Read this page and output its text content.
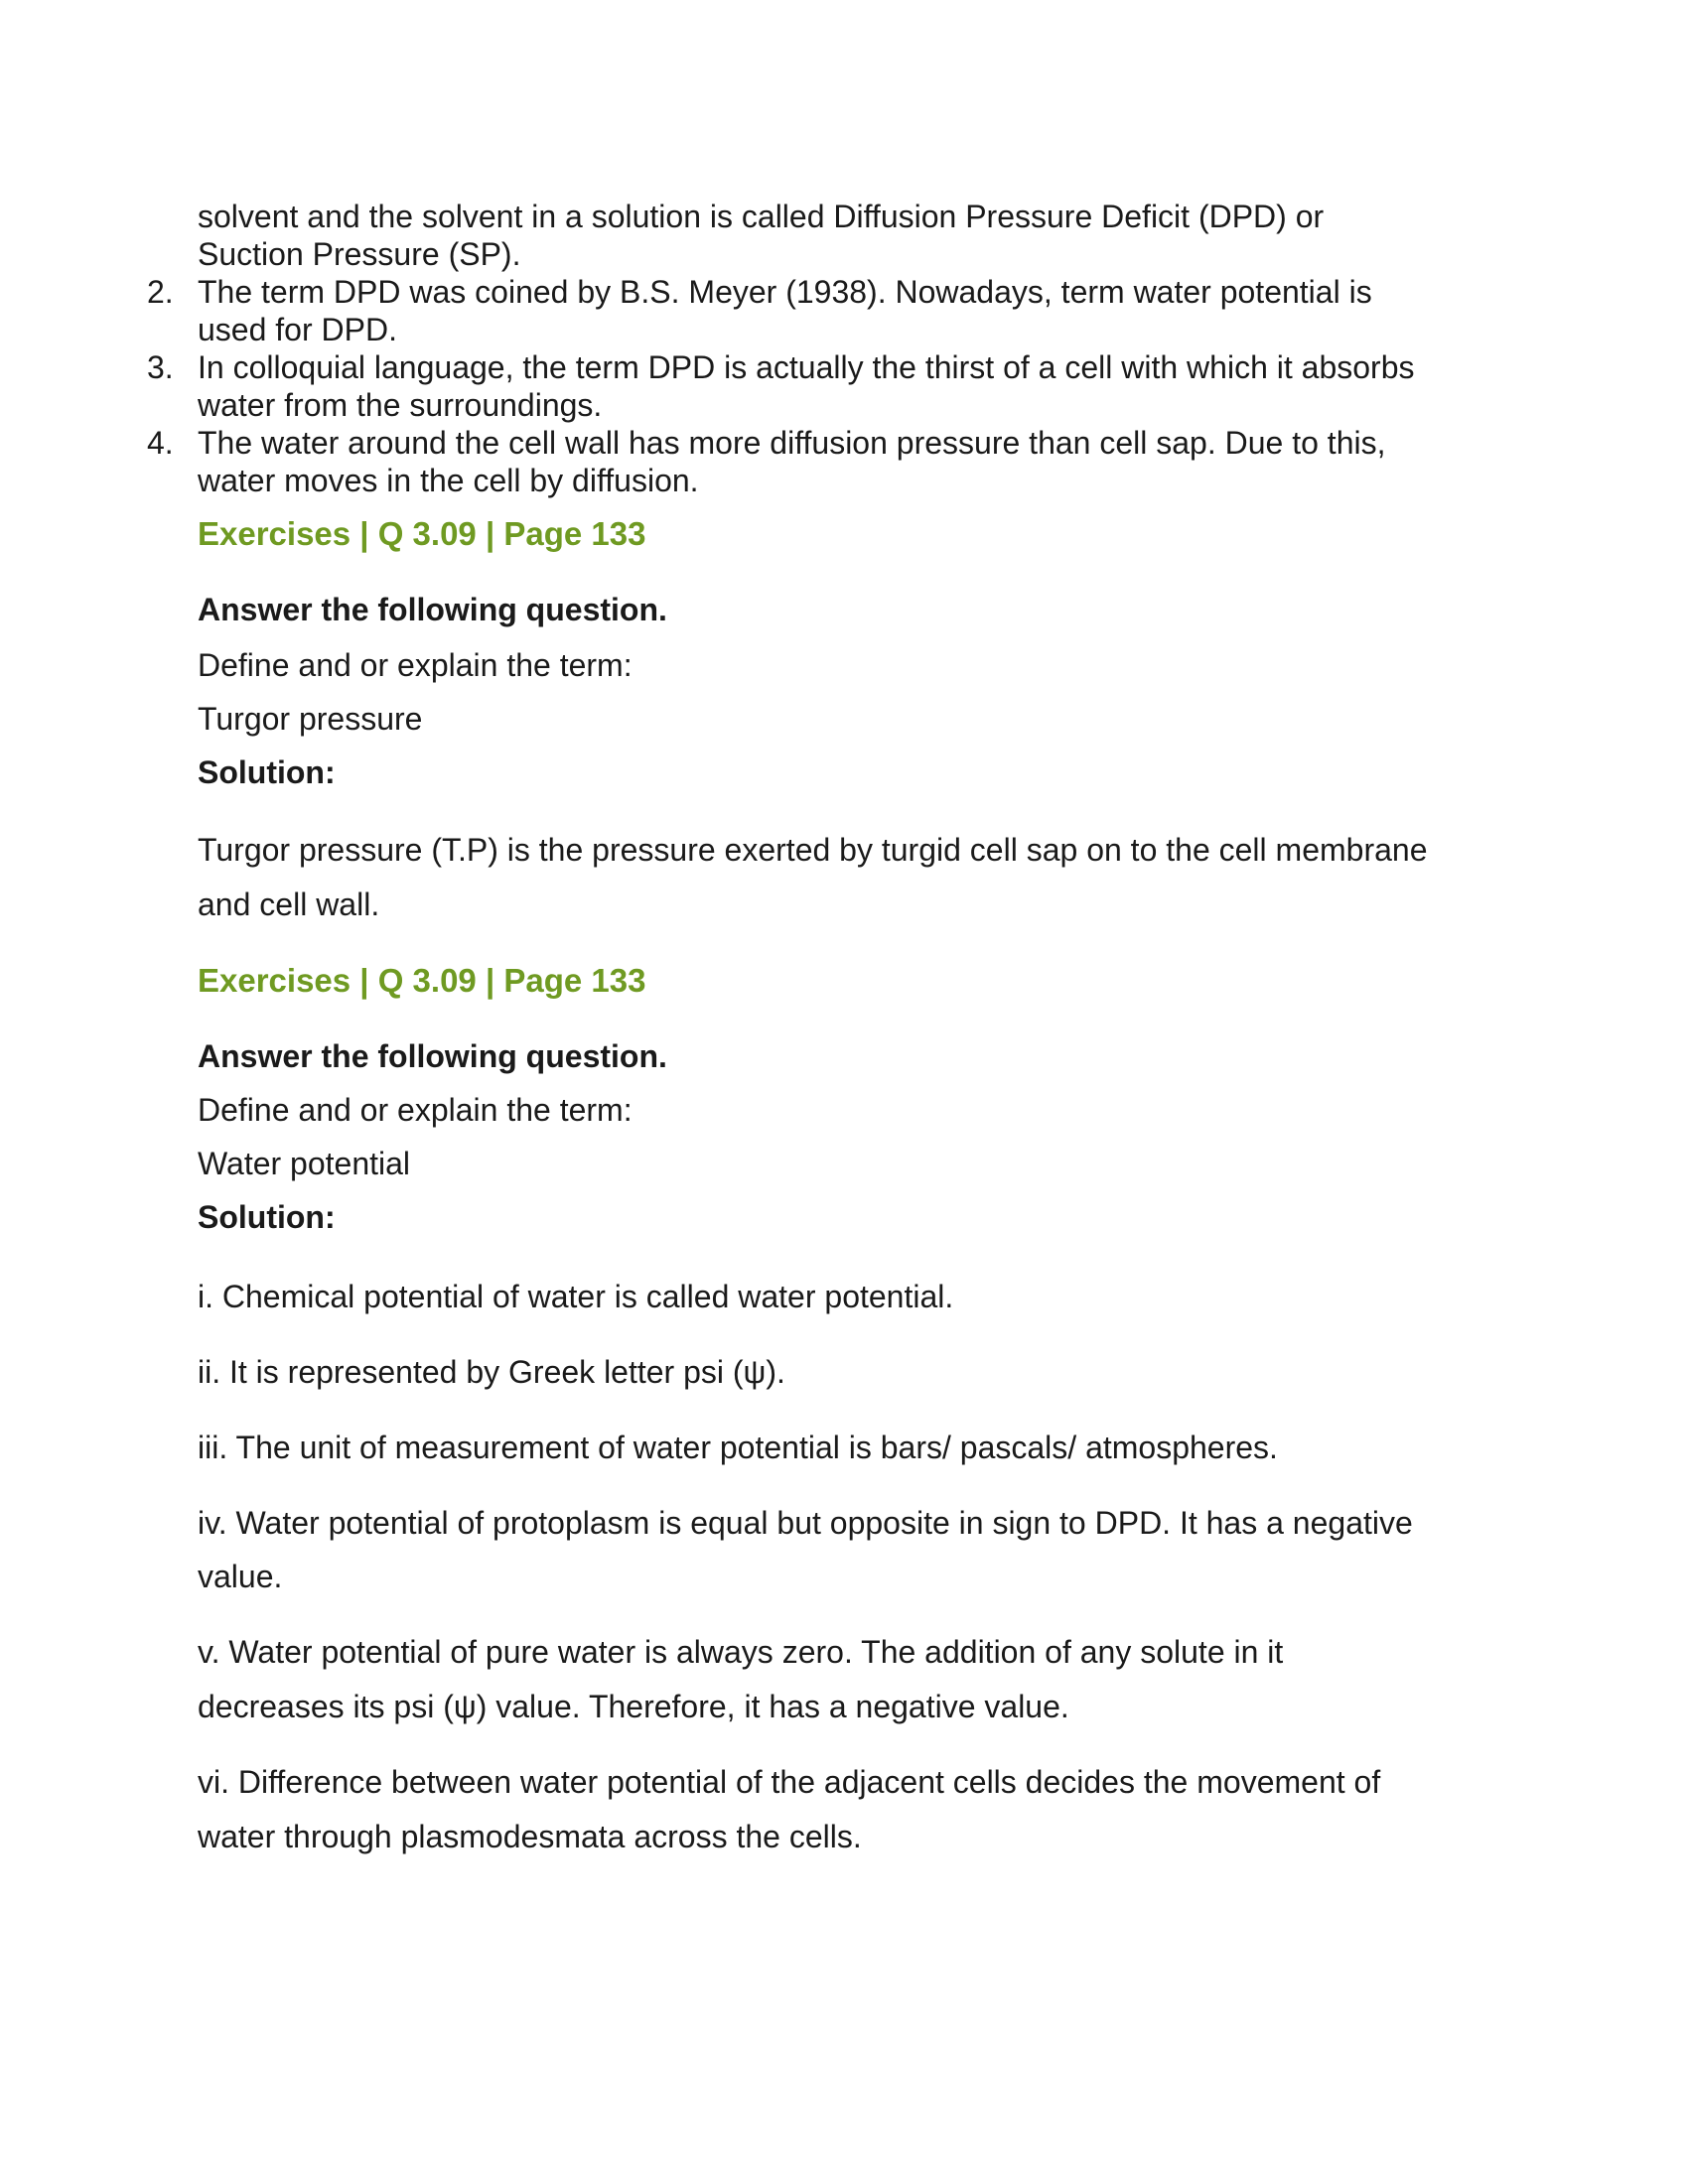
solvent and the solvent in a solution is called Diffusion Pressure Deficit (DPD) or
Suction Pressure (SP).
2. The term DPD was coined by B.S. Meyer (1938). Nowadays, term water potential is
used for DPD.
3. In colloquial language, the term DPD is actually the thirst of a cell with which it absorbs
water from the surroundings.
4. The water around the cell wall has more diffusion pressure than cell sap. Due to this,
water moves in the cell by diffusion.
Exercises | Q 3.09 | Page 133
Answer the following question.
Define and or explain the term:
Turgor pressure
Solution:
Turgor pressure (T.P) is the pressure exerted by turgid cell sap on to the cell membrane
and cell wall.
Exercises | Q 3.09 | Page 133
Answer the following question.
Define and or explain the term:
Water potential
Solution:
i. Chemical potential of water is called water potential.
ii. It is represented by Greek letter psi (ψ).
iii. The unit of measurement of water potential is bars/ pascals/ atmospheres.
iv. Water potential of protoplasm is equal but opposite in sign to DPD. It has a negative
value.
v. Water potential of pure water is always zero. The addition of any solute in it
decreases its psi (ψ) value. Therefore, it has a negative value.
vi. Difference between water potential of the adjacent cells decides the movement of
water through plasmodesmata across the cells.
